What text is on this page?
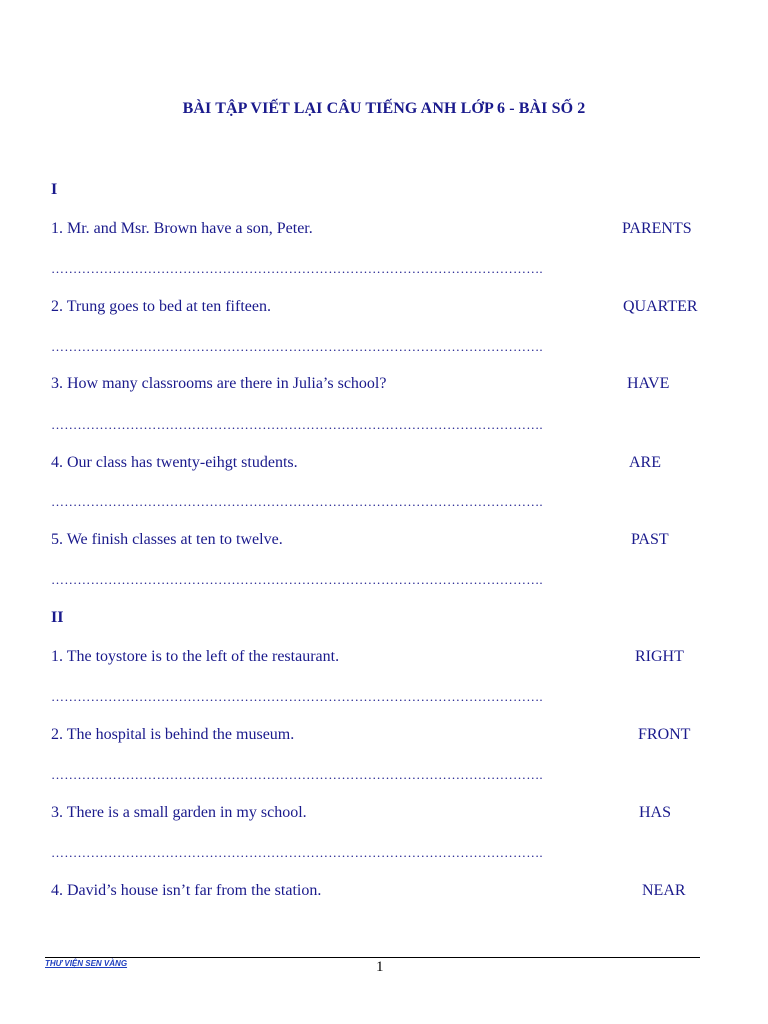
BÀI TẬP VIẾT LẠI CÂU TIẾNG ANH LỚP 6 - BÀI SỐ 2
I
1. Mr. and Msr. Brown have a son, Peter.	PARENTS
………………………………………………………………………………………………….
2. Trung goes to bed at ten fifteen.	QUARTER
………………………………………………………………………………………………….
3. How many classrooms are there in Julia’s school?	HAVE
………………………………………………………………………………………………….
4. Our class has twenty-eihgt students.	ARE
………………………………………………………………………………………………….
5. We finish classes at ten to twelve.	PAST
………………………………………………………………………………………………….
II
1. The toystore is to the left of the restaurant.	RIGHT
………………………………………………………………………………………………….
2. The hospital is behind the museum.	FRONT
………………………………………………………………………………………………….
3. There is a small garden in my school.	HAS
………………………………………………………………………………………………….
4. David’s house isn’t far from the station.	NEAR
THƯ VIỆN SEN VÀNG	1
